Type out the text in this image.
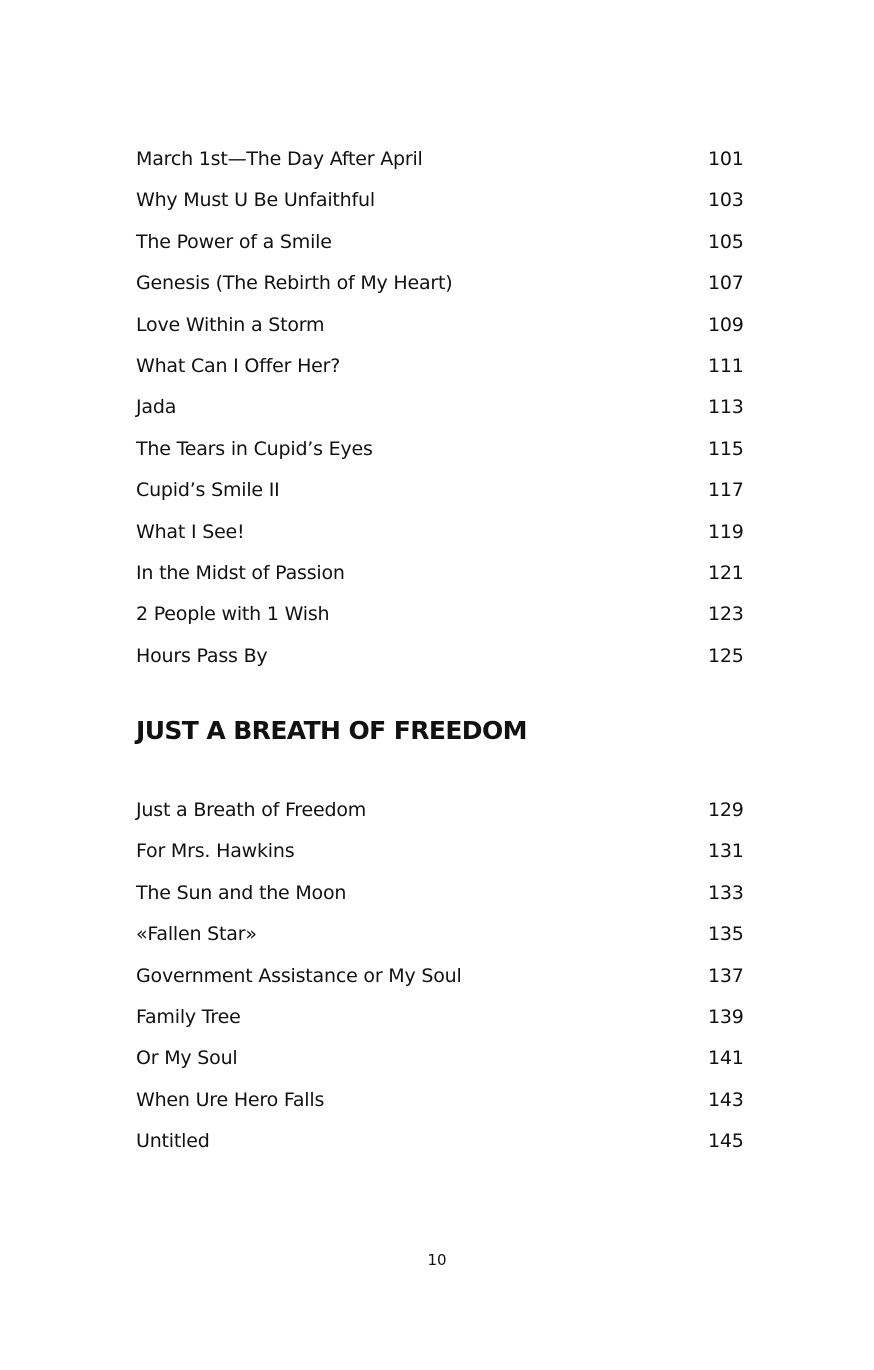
March 1st—The Day After April	101
Why Must U Be Unfaithful	103
The Power of a Smile	105
Genesis (The Rebirth of My Heart)	107
Love Within a Storm	109
What Can I Offer Her?	111
Jada	113
The Tears in Cupid’s Eyes	115
Cupid’s Smile II	117
What I See!	119
In the Midst of Passion	121
2 People with 1 Wish	123
Hours Pass By	125
JUST A BREATH OF FREEDOM
Just a Breath of Freedom	129
For Mrs. Hawkins	131
The Sun and the Moon	133
«Fallen Star»	135
Government Assistance or My Soul	137
Family Tree	139
Or My Soul	141
When Ure Hero Falls	143
Untitled	145
10
